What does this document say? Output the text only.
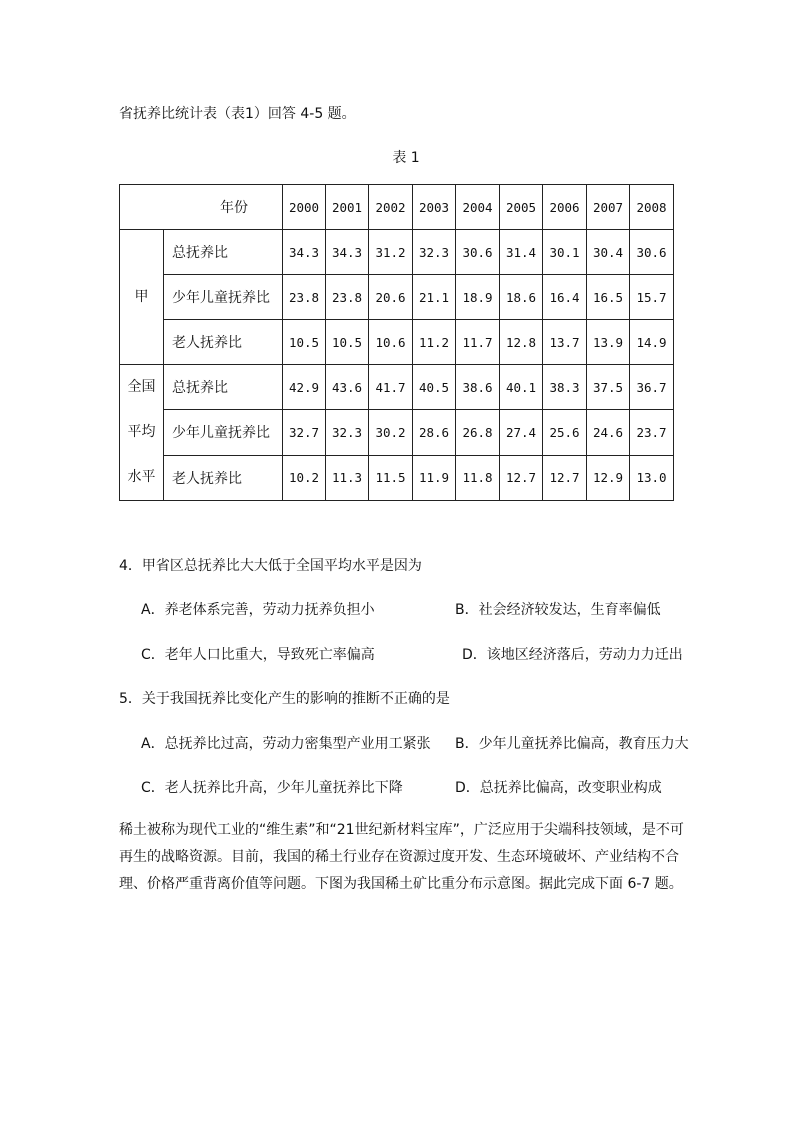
省抚养比统计表（表1）回答 4-5 题。
表 1
年份		2000	2001	2002	2003	2004	2005	2006	2007	2008

甲	总抚养比	34.3	34.3	31.2	32.3	30.6	31.4	30.1	30.4	30.6
	少年儿童抚养比	23.8	23.8	20.6	21.1	18.9	18.6	16.4	16.5	15.7
	老人抚养比	10.5	10.5	10.6	11.2	11.7	12.8	13.7	13.9	14.9

全国
平均
水平	总抚养比	42.9	43.6	41.7	40.5	38.6	40.1	38.3	37.5	36.7
	少年儿童抚养比	32.7	32.3	30.2	28.6	26.8	27.4	25.6	24.6	23.7
	老人抚养比	10.2	11.3	11.5	11.9	11.8	12.7	12.7	12.9	13.0
4．甲省区总抚养比大大低于全国平均水平是因为
A．养老体系完善，劳动力抚养负担小	B．社会经济较发达，生育率偏低
C．老年人口比重大，导致死亡率偏高	D．该地区经济落后，劳动力力迁出
5．关于我国抚养比变化产生的影响的推断不正确的是
A．总抚养比过高，劳动力密集型产业用工紧张 B．少年儿童抚养比偏高，教育压力大
C．老人抚养比升高，少年儿童抚养比下降	D．总抚养比偏高，改变职业构成
稀土被称为现代工业的“维生素”和“21世纪新材料宝库”，广泛应用于尖端科技领域，是不可再生的战略资源。目前，我国的稀土行业存在资源过度开发、生态环境破坏、产业结构不合理、价格严重背离价值等问题。下图为我国稀土矿比重分布示意图。据此完成下面 6-7 题。
